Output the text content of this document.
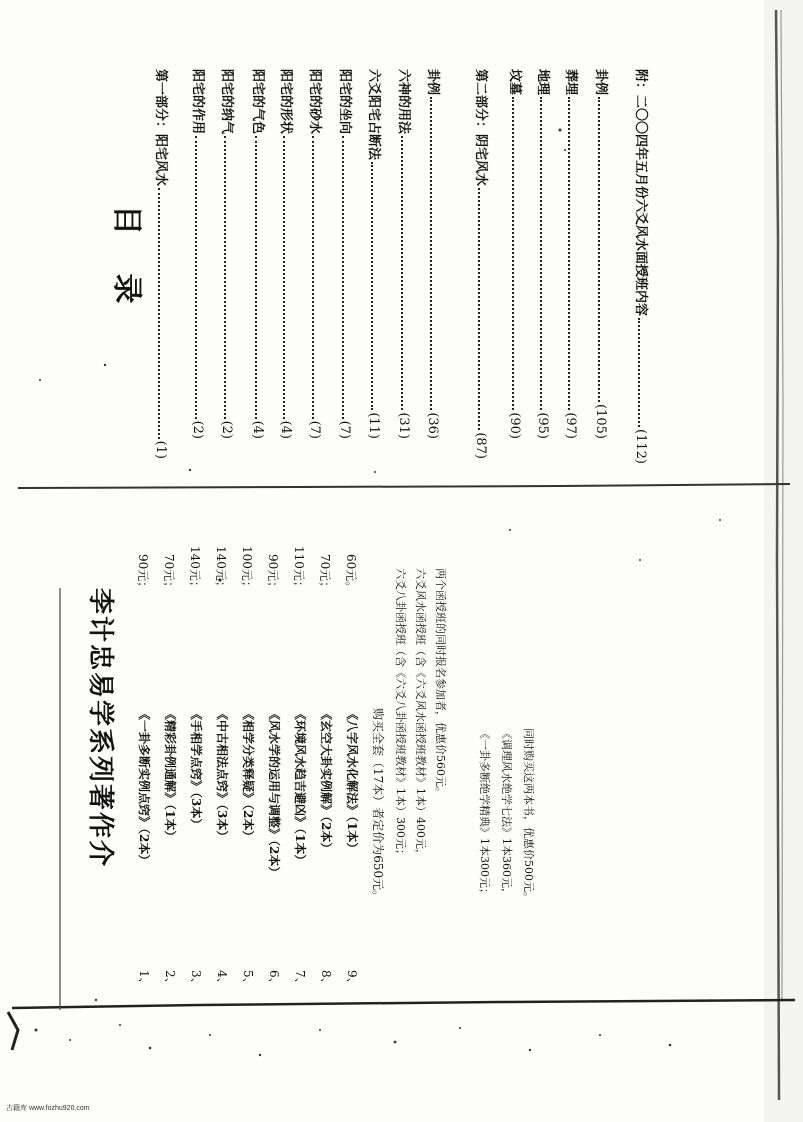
目 录
第一部分：阳宅风水
(1)
阳宅的作用
(2)
阳宅的纳气
(2)
阳宅的气色
(4)
阳宅的形状
(4)
阳宅的砂水
(7)
阳宅的坐向
(7)
六爻阳宅占断法
(11)
六神的用法
(31)
卦例
(36)
第二部分：阴宅风水
(87)
坟墓
(90)
地理
(95)
葬埋
(97)
卦例
(105)
附：二〇〇四年五月份六爻风水面授班内容
(112)
李计忠易学系列著作介
1、 2、 3、 4、 5、 6、 7、 8、 9、
《一卦多断实例点窍》（2本） 《精彩卦例通解》（1本） 《手相学点窍》（3本） 《中古相法点窍》（3本） 《相学分类释疑》（2本） 《风水学的运用与调整》（2本） 《环境风水趋吉避凶》（1本） 《玄空大卦实例解》（2本） 《八字风水化解法》（1本）
90元； 70元； 140元； 140元； 100元； 90元； 110元； 70元； 60元。
购买全套（17本）者定价为650元。 六爻八卦函授班（含《六爻八卦函授班教材》1本）300元； 六爻风水函授班（含《六爻风水函授班教材》1本）400元， 两个函授班的同时报名参加者，优惠价560元。
《一卦多断绝学精典》1本300元； 《调理风水绝学七法》1本360元， 同时购买这两本书，优惠价500元。
古籍库 www.fozhu920.com
